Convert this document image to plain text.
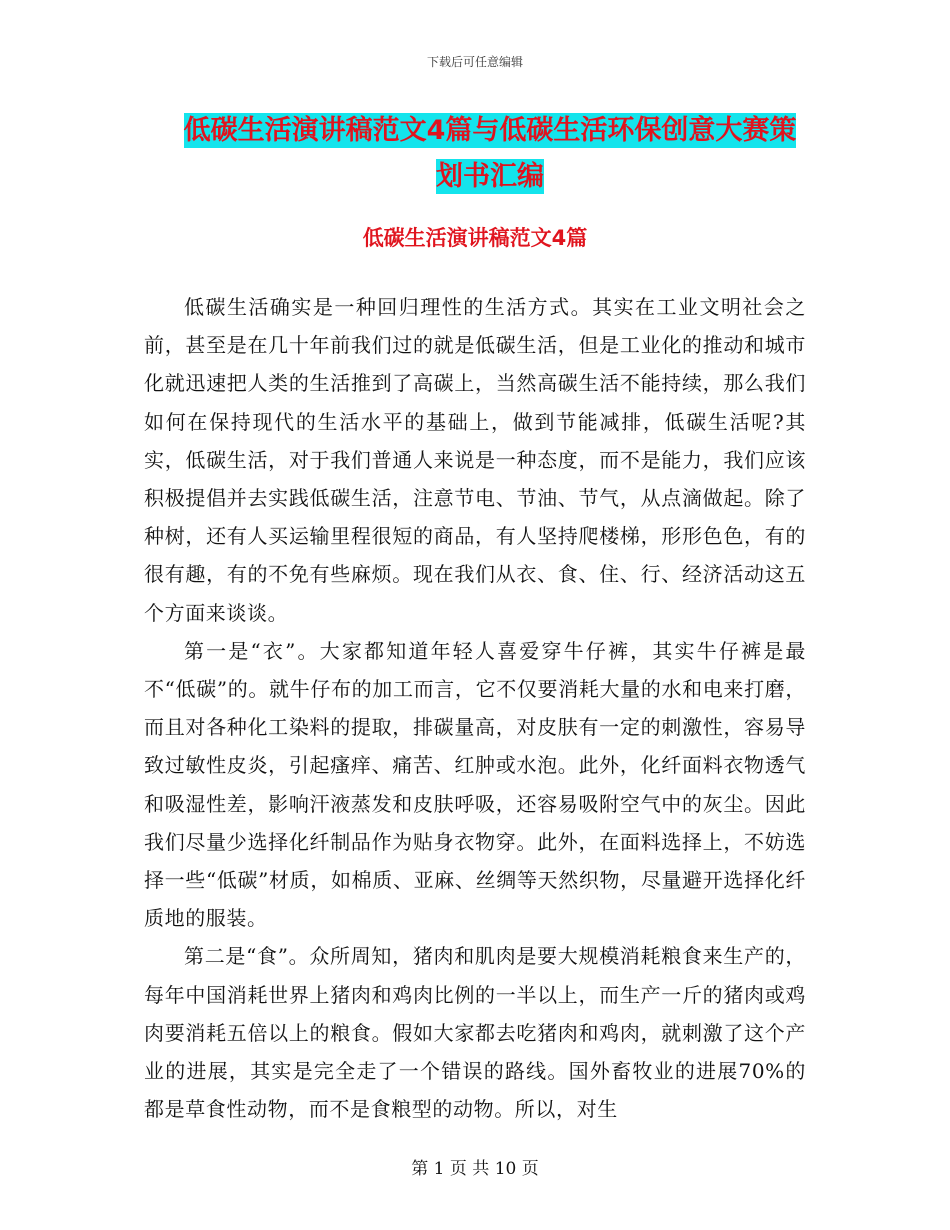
下载后可任意编辑
低碳生活演讲稿范文4篇与低碳生活环保创意大赛策
划书汇编
低碳生活演讲稿范文4篇

低碳生活确实是一种回归理性的生活方式。其实在工业文明社会之前，甚至是在几十年前我们过的就是低碳生活，但是工业化的推动和城市化就迅速把人类的生活推到了高碳上，当然高碳生活不能持续，那么我们如何在保持现代的生活水平的基础上，做到节能减排，低碳生活呢?其实，低碳生活，对于我们普通人来说是一种态度，而不是能力，我们应该积极提倡并去实践低碳生活，注意节电、节油、节气，从点滴做起。除了种树，还有人买运输里程很短的商品，有人坚持爬楼梯，形形色色，有的很有趣，有的不免有些麻烦。现在我们从衣、食、住、行、经济活动这五个方面来谈谈。

第一是“衣”。大家都知道年轻人喜爱穿牛仔裤，其实牛仔裤是最不“低碳”的。就牛仔布的加工而言，它不仅要消耗大量的水和电来打磨，而且对各种化工染料的提取，排碳量高，对皮肤有一定的刺激性，容易导致过敏性皮炎，引起瘙痒、痛苦、红肿或水泡。此外，化纤面料衣物透气和吸湿性差，影响汗液蒸发和皮肤呼吸，还容易吸附空气中的灰尘。因此我们尽量少选择化纤制品作为贴身衣物穿。此外，在面料选择上，不妨选择一些“低碳”材质，如棉质、亚麻、丝绸等天然织物，尽量避开选择化纤质地的服装。

第二是“食”。众所周知，猪肉和肌肉是要大规模消耗粮食来生产的，每年中国消耗世界上猪肉和鸡肉比例的一半以上，而生产一斤的猪肉或鸡肉要消耗五倍以上的粮食。假如大家都去吃猪肉和鸡肉，就刺激了这个产业的进展，其实是完全走了一个错误的路线。国外畜牧业的进展70%的都是草食性动物，而不是食粮型的动物。所以，对生

第 1 页 共 10 页
